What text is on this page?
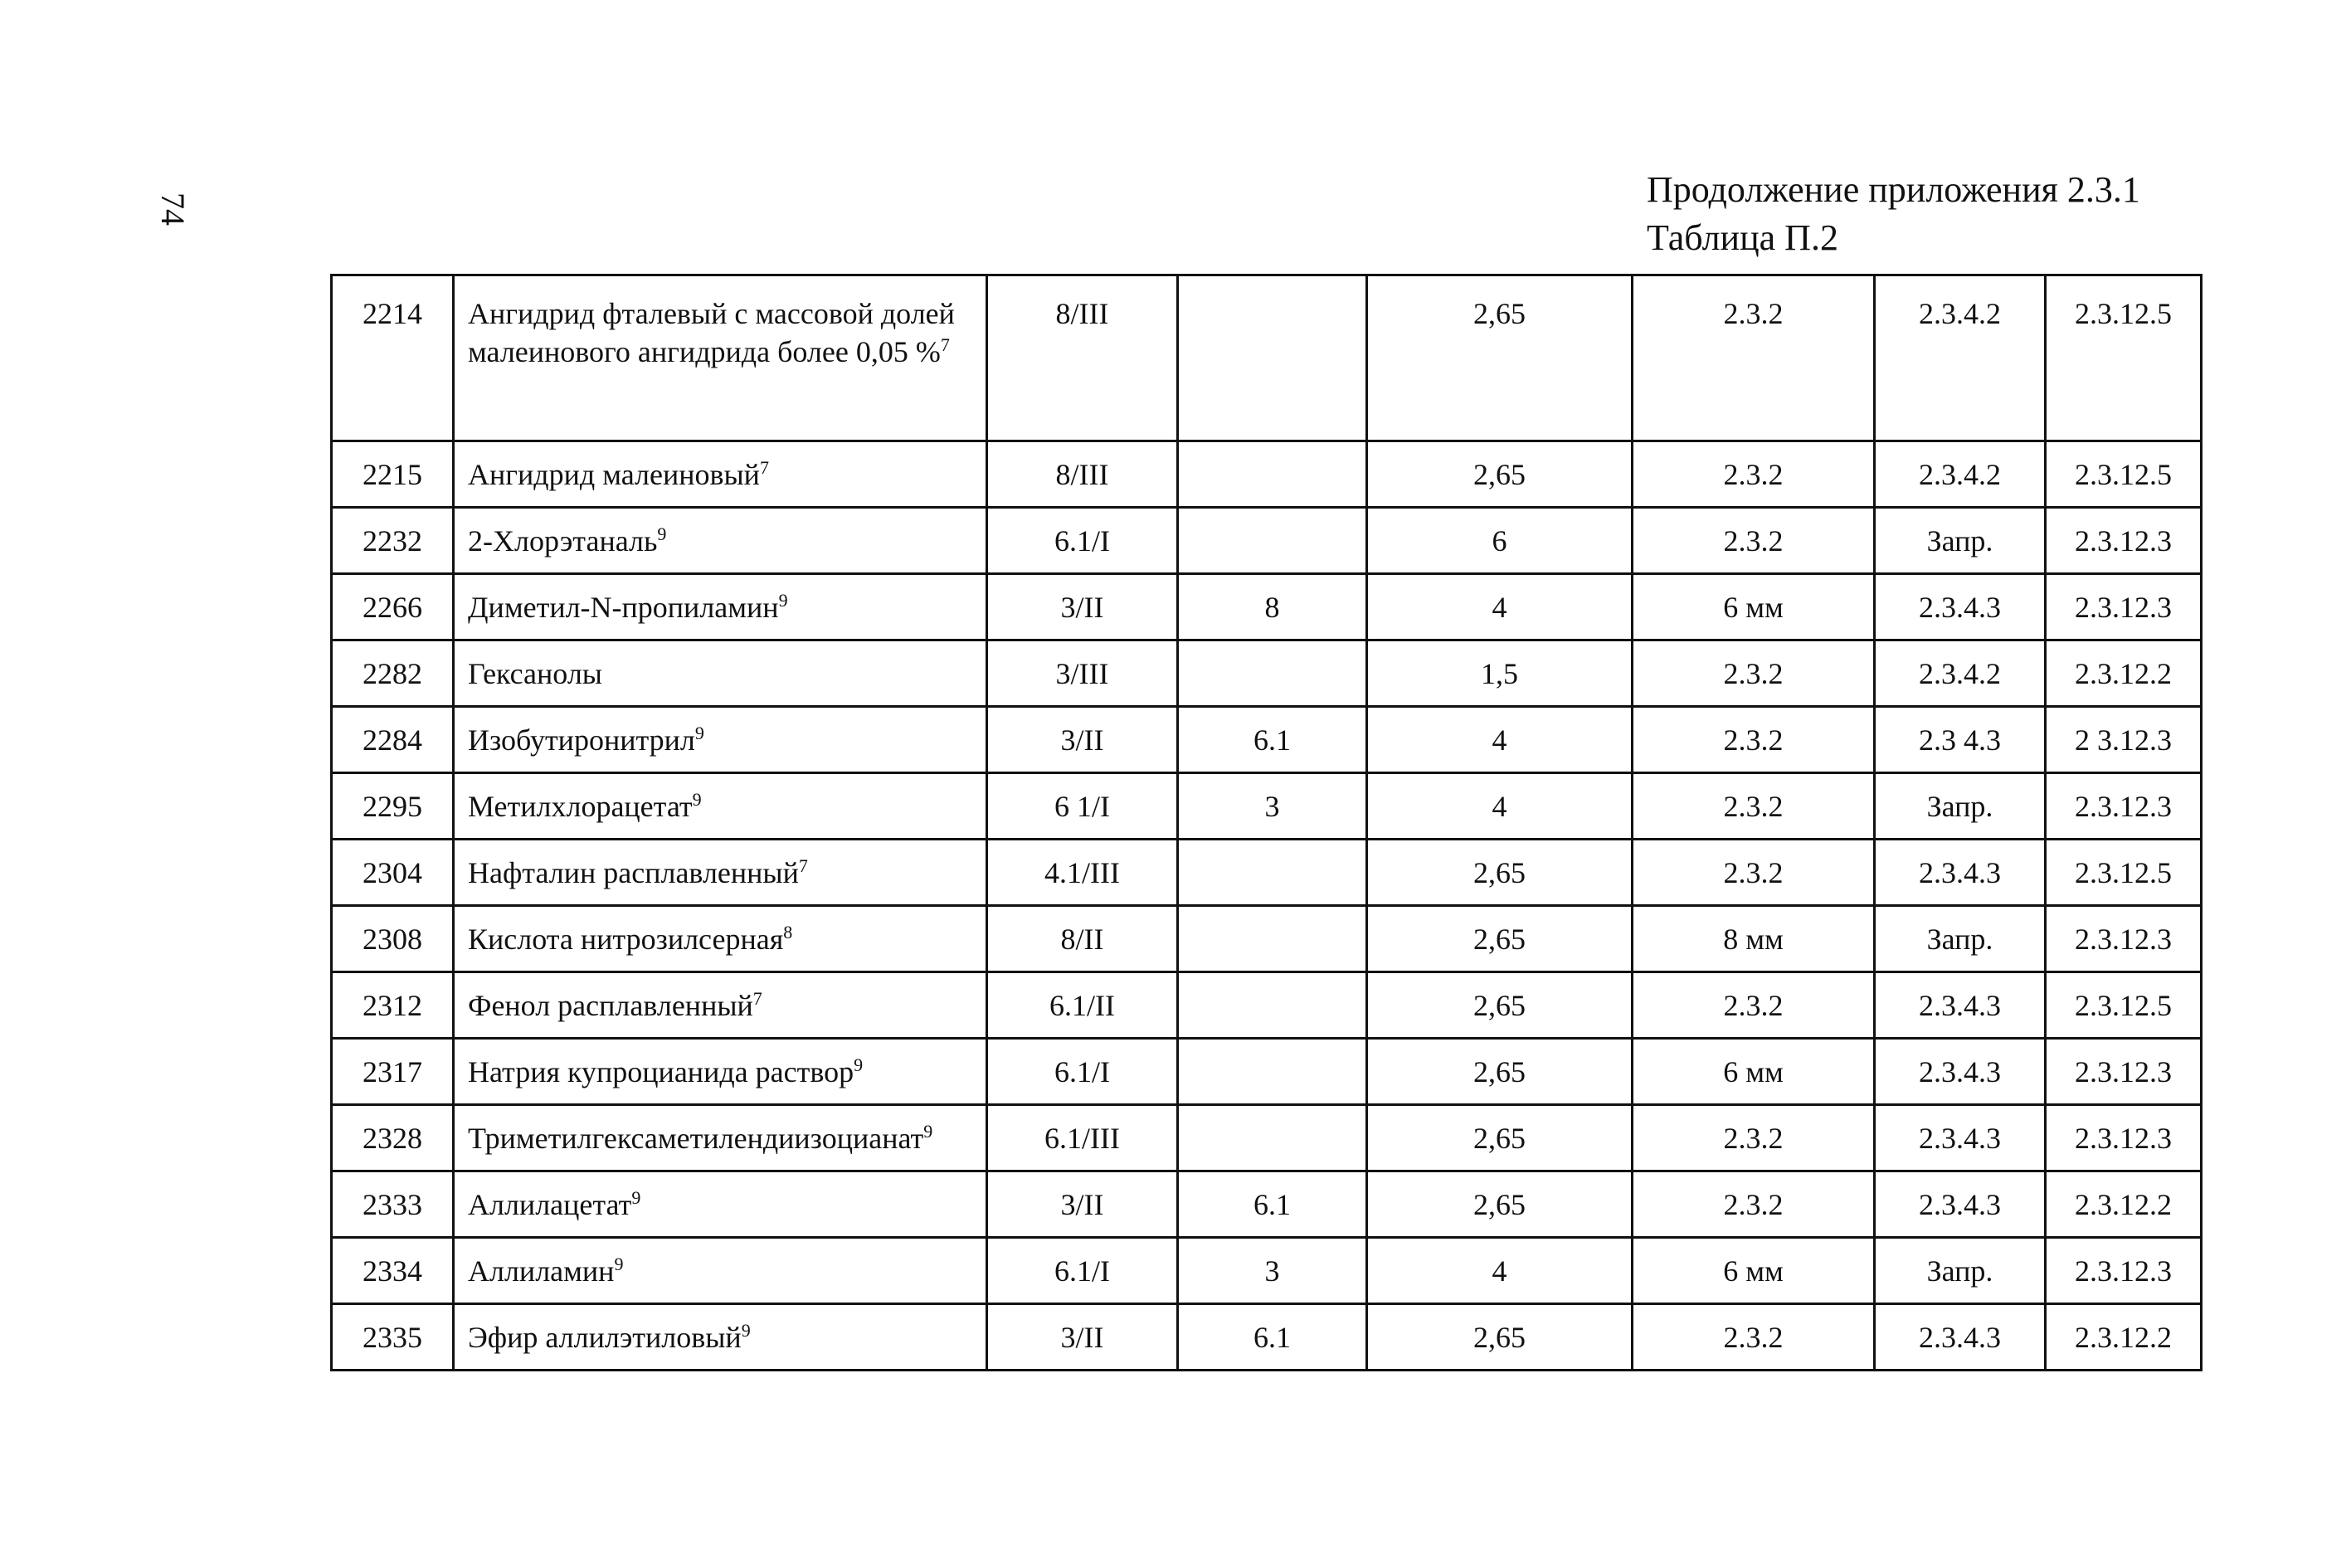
74	Продолжение приложения 2.3.1
Таблица П.2
2214	Ангидрид фталевый с массовой долей малеинового ангидрида более 0,05 %$^7$	8/III		2,65	2.3.2	2.3.4.2	2.3.12.5
2215	Ангидрид малеиновый$^7$	8/III		2,65	2.3.2	2.3.4.2	2.3.12.5
2232	2-Хлорэтаналь$^9$	6.1/I		6	2.3.2	Запр.	2.3.12.3
2266	Диметил-N-пропиламин$^9$	3/II	8	4	6 мм	2.3.4.3	2.3.12.3
2282	Гексанолы	3/III		1,5	2.3.2	2.3.4.2	2.3.12.2
2284	Изобутиронитрил$^9$	3/II	6.1	4	2.3.2	2.3 4.3	2 3.12.3
2295	Метилхлорацетат$^9$	6 1/I	3	4	2.3.2	Запр.	2.3.12.3
2304	Нафталин расплавленный$^7$	4.1/III		2,65	2.3.2	2.3.4.3	2.3.12.5
2308	Кислота нитрозилсерная$^8$	8/II		2,65	8 мм	Запр.	2.3.12.3
2312	Фенол расплавленный$^7$	6.1/II		2,65	2.3.2	2.3.4.3	2.3.12.5
2317	Натрия купроцианида раствор$^9$	6.1/I		2,65	6 мм	2.3.4.3	2.3.12.3
2328	Триметилгексаметилендиизоцианат$^9$	6.1/III		2,65	2.3.2	2.3.4.3	2.3.12.3
2333	Аллилацетат$^9$	3/II	6.1	2,65	2.3.2	2.3.4.3	2.3.12.2
2334	Аллиламин$^9$	6.1/I	3	4	6 мм	Запр.	2.3.12.3
2335	Эфир аллилэтиловый$^9$	3/II	6.1	2,65	2.3.2	2.3.4.3	2.3.12.2
